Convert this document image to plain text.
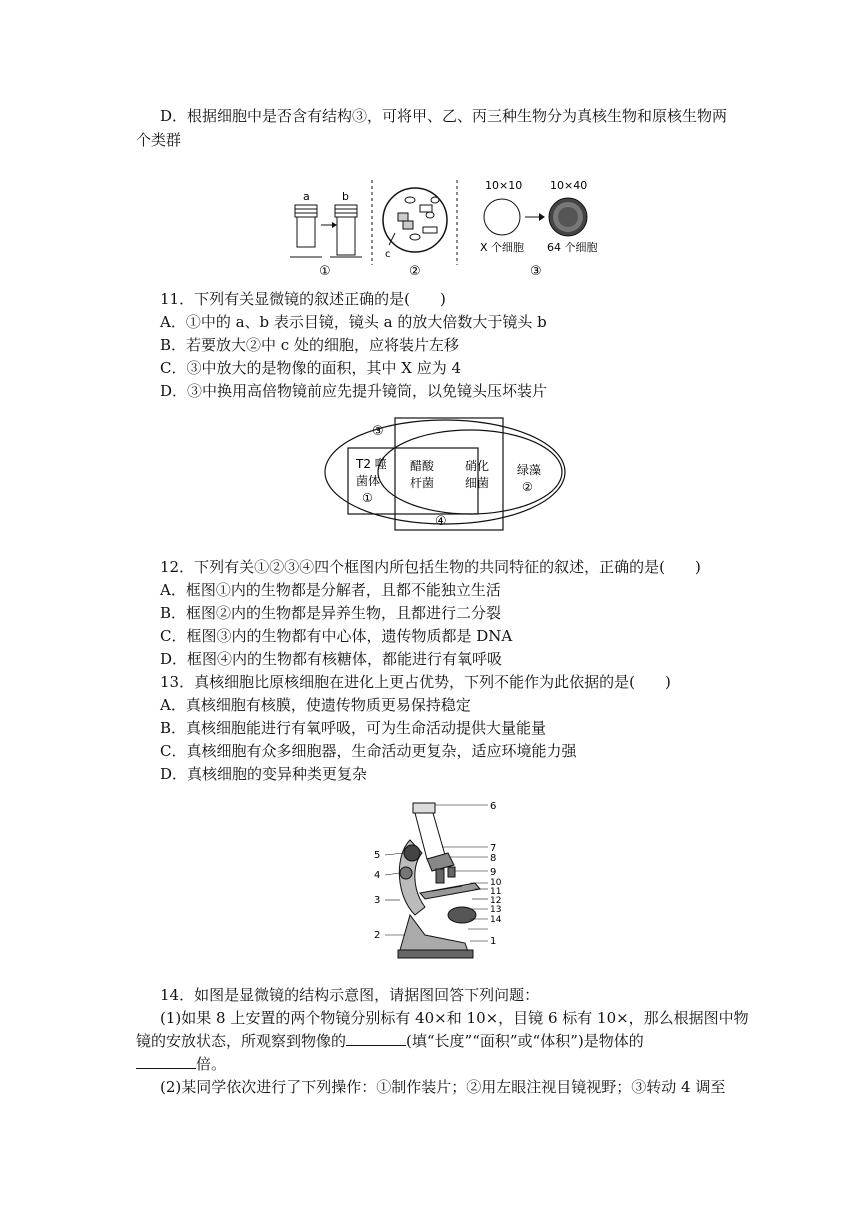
D．根据细胞中是否含有结构③，可将甲、乙、丙三种生物分为真核生物和原核生物两
个类群
a	b
①
c
②
10×10	10×40
X 个细胞 64 个细胞
③
11．下列有关显微镜的叙述正确的是(　　)
A．①中的 a、b 表示目镜，镜头 a 的放大倍数大于镜头 b
B．若要放大②中 c 处的细胞，应将装片左移
C．③中放大的是物像的面积，其中 X 应为 4
D．③中换用高倍物镜前应先提升镜筒，以免镜头压坏装片
③
④
T2 噬
菌体
①
醋酸
杆菌
硝化
细菌
绿藻
②
12．下列有关①②③④四个框图内所包括生物的共同特征的叙述，正确的是(　　)
A．框图①内的生物都是分解者，且都不能独立生活
B．框图②内的生物都是异养生物，且都进行二分裂
C．框图③内的生物都有中心体，遗传物质都是 DNA
D．框图④内的生物都有核糖体，都能进行有氧呼吸
13．真核细胞比原核细胞在进化上更占优势，下列不能作为此依据的是(　　)
A．真核细胞有核膜，使遗传物质更易保持稳定
B．真核细胞能进行有氧呼吸，可为生命活动提供大量能量
C．真核细胞有众多细胞器，生命活动更复杂，适应环境能力强
D．真核细胞的变异种类更复杂
6
7
8
9
10
11
12
13
14
1
2
3
4
5
14．如图是显微镜的结构示意图，请据图回答下列问题：
(1)如果 8 上安置的两个物镜分别标有 40×和 10×，目镜 6 标有 10×，那么根据图中物
镜的安放状态，所观察到物像的	(填“长度”“面积”或“体积”)是物体的
倍。
(2)某同学依次进行了下列操作：①制作装片；②用左眼注视目镜视野；③转动 4 调至
